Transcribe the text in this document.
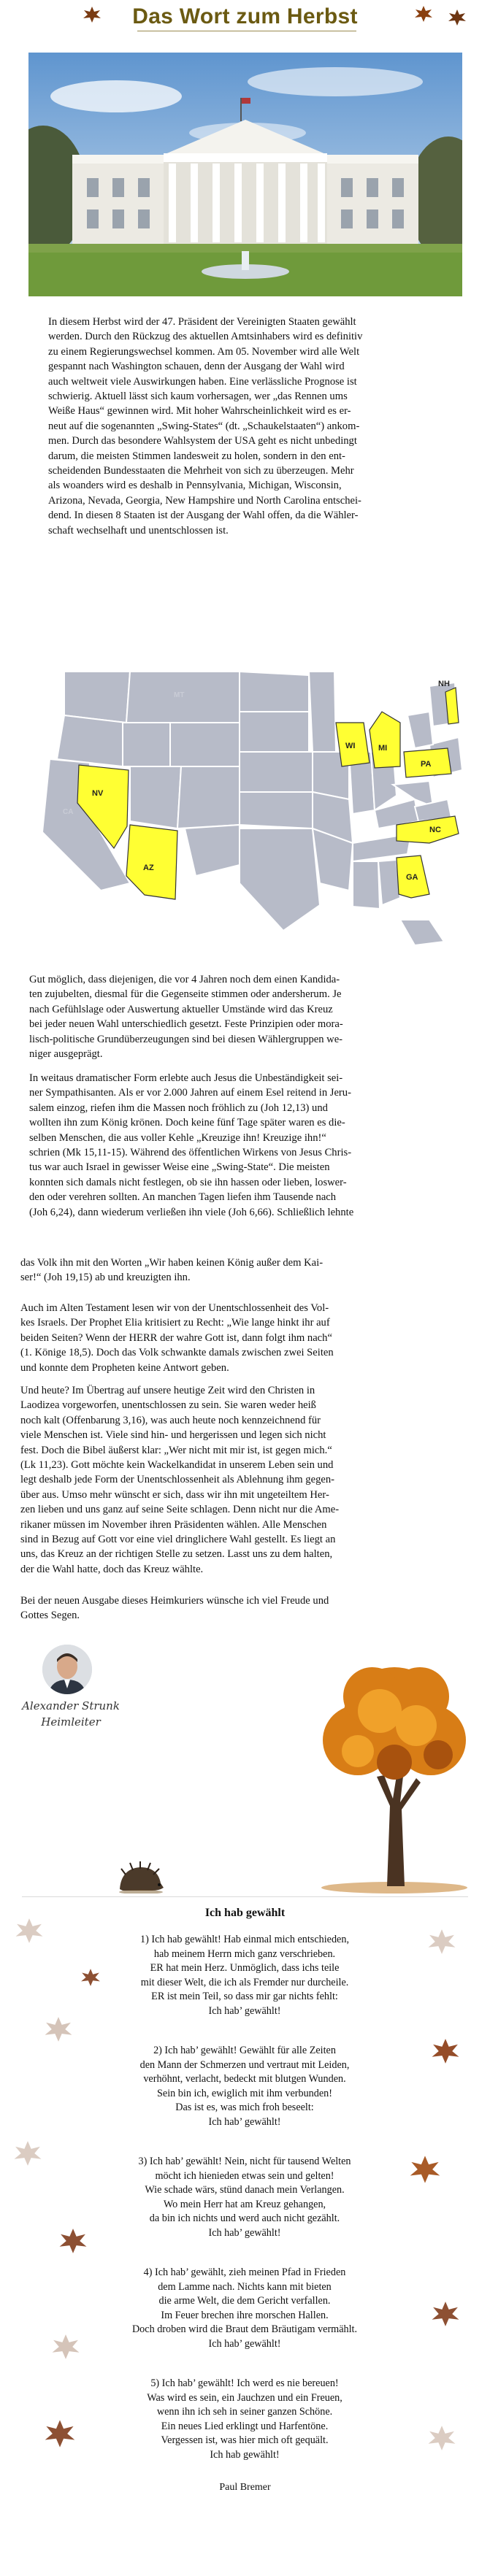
Das Wort zum Herbst
In diesem Herbst wird der 47. Präsident der Vereinigten Staaten gewählt
werden. Durch den Rückzug des aktuellen Amtsinhabers wird es definitiv
zu einem Regierungswechsel kommen. Am 05. November wird alle Welt
gespannt nach Washington schauen, denn der Ausgang der Wahl wird
auch weltweit viele Auswirkungen haben. Eine verlässliche Prognose ist
schwierig. Aktuell lässt sich kaum vorhersagen, wer „das Rennen ums
Weiße Haus“ gewinnen wird. Mit hoher Wahrscheinlichkeit wird es er-
neut auf die sogenannten „Swing-States“ (dt. „Schaukelstaaten“) ankom-
men. Durch das besondere Wahlsystem der USA geht es nicht unbedingt
darum, die meisten Stimmen landesweit zu holen, sondern in den ent-
scheidenden Bundesstaaten die Mehrheit von sich zu überzeugen. Mehr
als woanders wird es deshalb in Pennsylvania, Michigan, Wisconsin,
Arizona, Nevada, Georgia, New Hampshire und North Carolina entschei-
dend. In diesen 8 Staaten ist der Ausgang der Wahl offen, da die Wähler-
schaft wechselhaft und unentschlossen ist.
WI	MI
PA
NH
NV
AZ
NC
GA
MT
CA
Gut möglich, dass diejenigen, die vor 4 Jahren noch dem einen Kandida-
ten zujubelten, diesmal für die Gegenseite stimmen oder andersherum. Je
nach Gefühlslage oder Auswertung aktueller Umstände wird das Kreuz
bei jeder neuen Wahl unterschiedlich gesetzt. Feste Prinzipien oder mora-
lisch-politische Grundüberzeugungen sind bei diesen Wählergruppen we-
niger ausgeprägt.
In weitaus dramatischer Form erlebte auch Jesus die Unbeständigkeit sei-
ner Sympathisanten. Als er vor 2.000 Jahren auf einem Esel reitend in Jeru-
salem einzog, riefen ihm die Massen noch fröhlich zu (Joh 12,13) und
wollten ihn zum König krönen. Doch keine fünf Tage später waren es die-
selben Menschen, die aus voller Kehle „Kreuzige ihn! Kreuzige ihn!“
schrien (Mk 15,11-15). Während des öffentlichen Wirkens von Jesus Chris-
tus war auch Israel in gewisser Weise eine „Swing-State“. Die meisten
konnten sich damals nicht festlegen, ob sie ihn hassen oder lieben, loswer-
den oder verehren sollten. An manchen Tagen liefen ihm Tausende nach
(Joh 6,24), dann wiederum verließen ihn viele (Joh 6,66). Schließlich lehnte
das Volk ihn mit den Worten „Wir haben keinen König außer dem Kai-
ser!“ (Joh 19,15) ab und kreuzigten ihn.
Auch im Alten Testament lesen wir von der Unentschlossenheit des Vol-
kes Israels. Der Prophet Elia kritisiert zu Recht: „Wie lange hinkt ihr auf
beiden Seiten? Wenn der HERR der wahre Gott ist, dann folgt ihm nach“
(1. Könige 18,5). Doch das Volk schwankte damals zwischen zwei Seiten
und konnte dem Propheten keine Antwort geben.
Und heute? Im Übertrag auf unsere heutige Zeit wird den Christen in
Laodizea vorgeworfen, unentschlossen zu sein. Sie waren weder heiß
noch kalt (Offenbarung 3,16), was auch heute noch kennzeichnend für
viele Menschen ist. Viele sind hin- und hergerissen und legen sich nicht
fest. Doch die Bibel äußerst klar: „Wer nicht mit mir ist, ist gegen mich.“
(Lk 11,23). Gott möchte kein Wackelkandidat in unserem Leben sein und
legt deshalb jede Form der Unentschlossenheit als Ablehnung ihm gegen-
über aus. Umso mehr wünscht er sich, dass wir ihn mit ungeteiltem Her-
zen lieben und uns ganz auf seine Seite schlagen. Denn nicht nur die Ame-
rikaner müssen im November ihren Präsidenten wählen. Alle Menschen
sind in Bezug auf Gott vor eine viel dringlichere Wahl gestellt. Es liegt an
uns, das Kreuz an der richtigen Stelle zu setzen. Lasst uns zu dem halten,
der die Wahl hatte, doch das Kreuz wählte.
Bei der neuen Ausgabe dieses Heimkuriers wünsche ich viel Freude und
Gottes Segen.
Alexander Strunk
Heimleiter
Ich hab gewählt
1) Ich hab gewählt! Hab einmal mich entschieden,
hab meinem Herrn mich ganz verschrieben.
ER hat mein Herz. Unmöglich, dass ichs teile
mit dieser Welt, die ich als Fremder nur durcheile.
ER ist mein Teil, so dass mir gar nichts fehlt:
Ich hab’ gewählt!
2) Ich hab’ gewählt! Gewählt für alle Zeiten
den Mann der Schmerzen und vertraut mit Leiden,
verhöhnt, verlacht, bedeckt mit blutgen Wunden.
Sein bin ich, ewiglich mit ihm verbunden!
Das ist es, was mich froh beseelt:
Ich hab’ gewählt!
3) Ich hab’ gewählt! Nein, nicht für tausend Welten
möcht ich hienieden etwas sein und gelten!
Wie schade wärs, stünd danach mein Verlangen.
Wo mein Herr hat am Kreuz gehangen,
da bin ich nichts und werd auch nicht gezählt.
Ich hab’ gewählt!
4) Ich hab’ gewählt, zieh meinen Pfad in Frieden
dem Lamme nach. Nichts kann mit bieten
die arme Welt, die dem Gericht verfallen.
Im Feuer brechen ihre morschen Hallen.
Doch droben wird die Braut dem Bräutigam vermählt.
Ich hab’ gewählt!
5) Ich hab’ gewählt! Ich werd es nie bereuen!
Was wird es sein, ein Jauchzen und ein Freuen,
wenn ihn ich seh in seiner ganzen Schöne.
Ein neues Lied erklingt und Harfentöne.
Vergessen ist, was hier mich oft gequält.
Ich hab gewählt!
Paul Bremer
